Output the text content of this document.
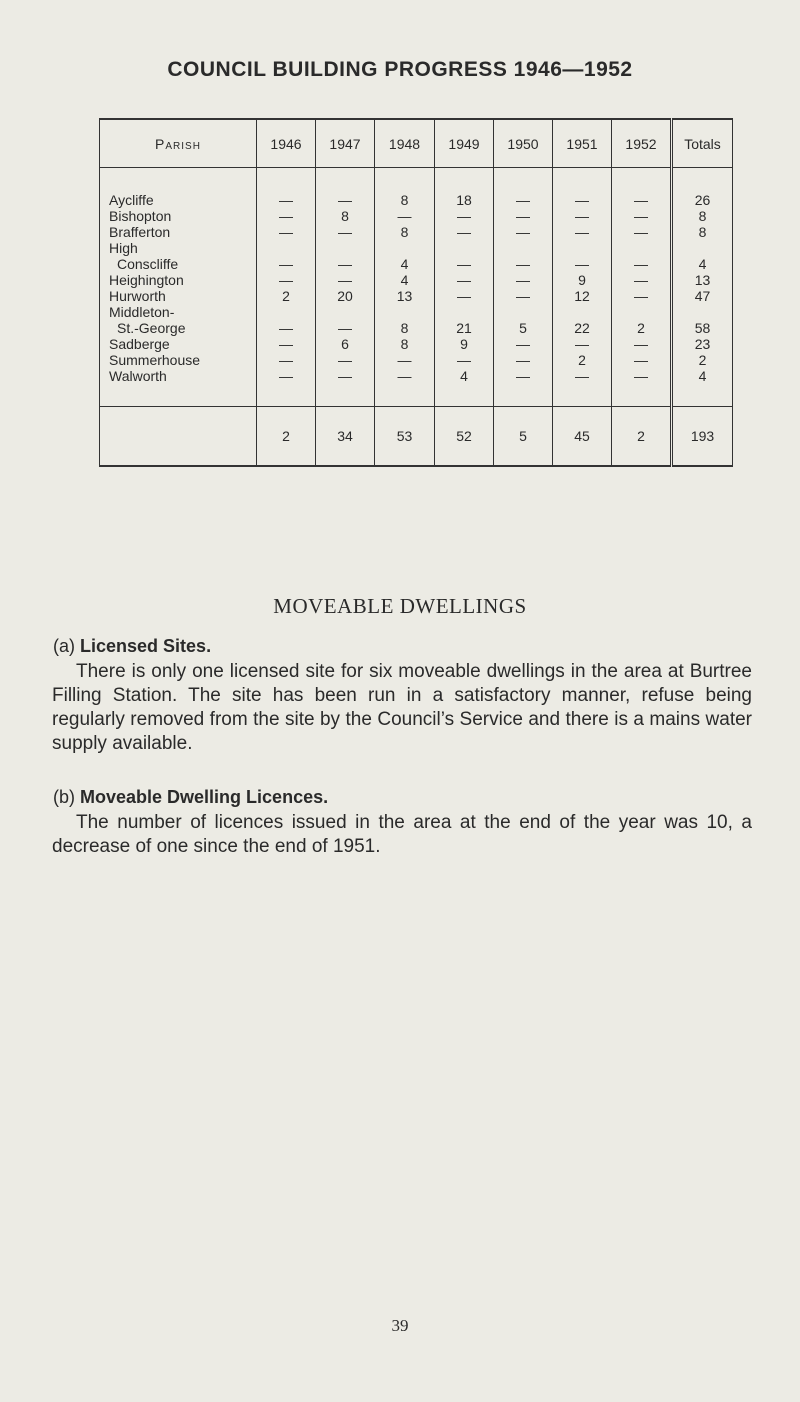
COUNCIL BUILDING PROGRESS 1946—1952
Parish	1946	1947	1948	1949	1950	1951	1952	Totals

Aycliffe	—	—	8	18	—	—	—	26

Bishopton	—	8	—	—	—	—	—	8

Brafferton	—	—	8	—	—	—	—	8

High
Conscliffe	—	—	4	—	—	—	—	4

Heighington	—	—	4	—	—	9	—	13

Hurworth	2	20	13	—	—	12	—	47

Middleton-
St.-George	—	—	8	21	5	22	2	58

Sadberge	—	6	8	9	—	—	—	23

Summerhouse	—	—	—	—	—	2	—	2

Walworth	—	—	—	4	—	—	—	4
	2	34	53	52	5	45	2	193
MOVEABLE DWELLINGS
(a) Licensed Sites.
There is only one licensed site for six moveable dwellings in the area at Burtree Filling Station. The site has been run in a satisfactory manner, refuse being regularly removed from the site by the Council’s Service and there is a mains water supply available.
(b) Moveable Dwelling Licences.
The number of licences issued in the area at the end of the year was 10, a decrease of one since the end of 1951.
39
